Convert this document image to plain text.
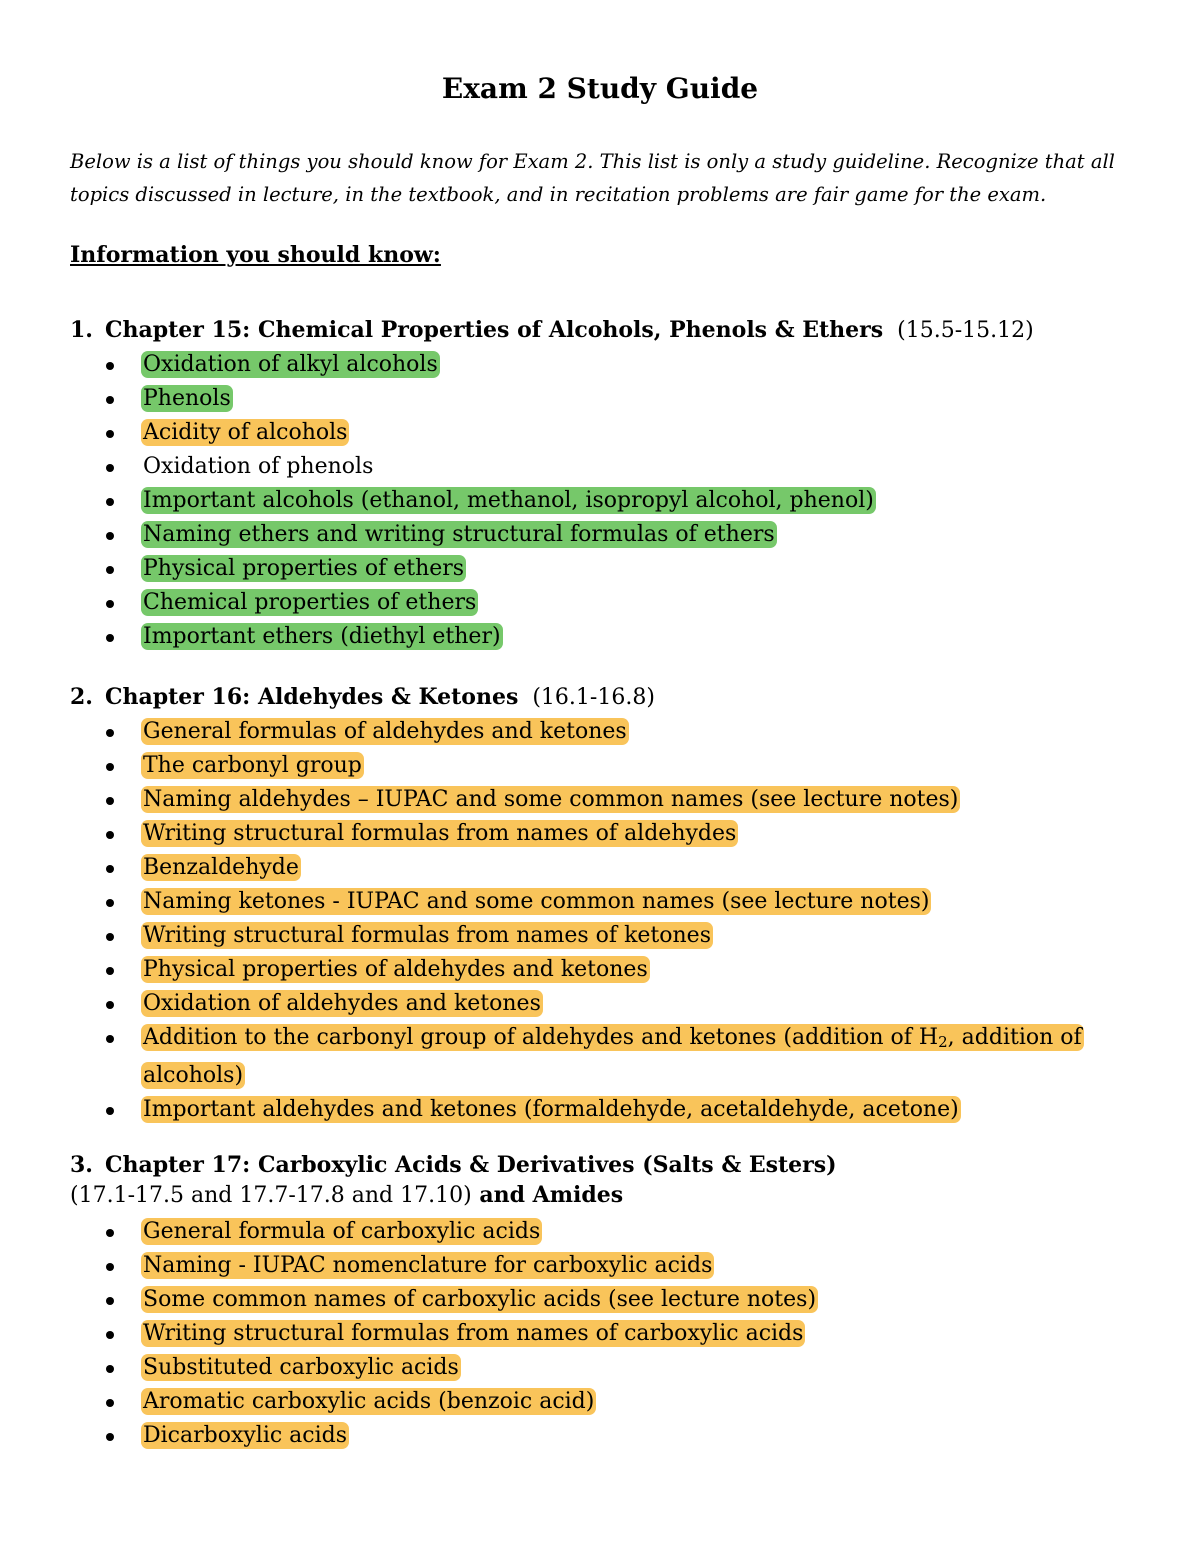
Exam 2 Study Guide
Below is a list of things you should know for Exam 2. This list is only a study guideline. Recognize that all topics discussed in lecture, in the textbook, and in recitation problems are fair game for the exam.
Information you should know:
1. Chapter 15: Chemical Properties of Alcohols, Phenols & Ethers (15.5-15.12)
Oxidation of alkyl alcohols
Phenols
Acidity of alcohols
Oxidation of phenols
Important alcohols (ethanol, methanol, isopropyl alcohol, phenol)
Naming ethers and writing structural formulas of ethers
Physical properties of ethers
Chemical properties of ethers
Important ethers (diethyl ether)
2. Chapter 16: Aldehydes & Ketones (16.1-16.8)
General formulas of aldehydes and ketones
The carbonyl group
Naming aldehydes – IUPAC and some common names (see lecture notes)
Writing structural formulas from names of aldehydes
Benzaldehyde
Naming ketones - IUPAC and some common names (see lecture notes)
Writing structural formulas from names of ketones
Physical properties of aldehydes and ketones
Oxidation of aldehydes and ketones
Addition to the carbonyl group of aldehydes and ketones (addition of $H_2$, addition of alcohols)
Important aldehydes and ketones (formaldehyde, acetaldehyde, acetone)
3. Chapter 17: Carboxylic Acids & Derivatives (Salts & Esters)
(17.1-17.5 and 17.7-17.8 and 17.10) and Amides
General formula of carboxylic acids
Naming - IUPAC nomenclature for carboxylic acids
Some common names of carboxylic acids (see lecture notes)
Writing structural formulas from names of carboxylic acids
Substituted carboxylic acids
Aromatic carboxylic acids (benzoic acid)
Dicarboxylic acids
